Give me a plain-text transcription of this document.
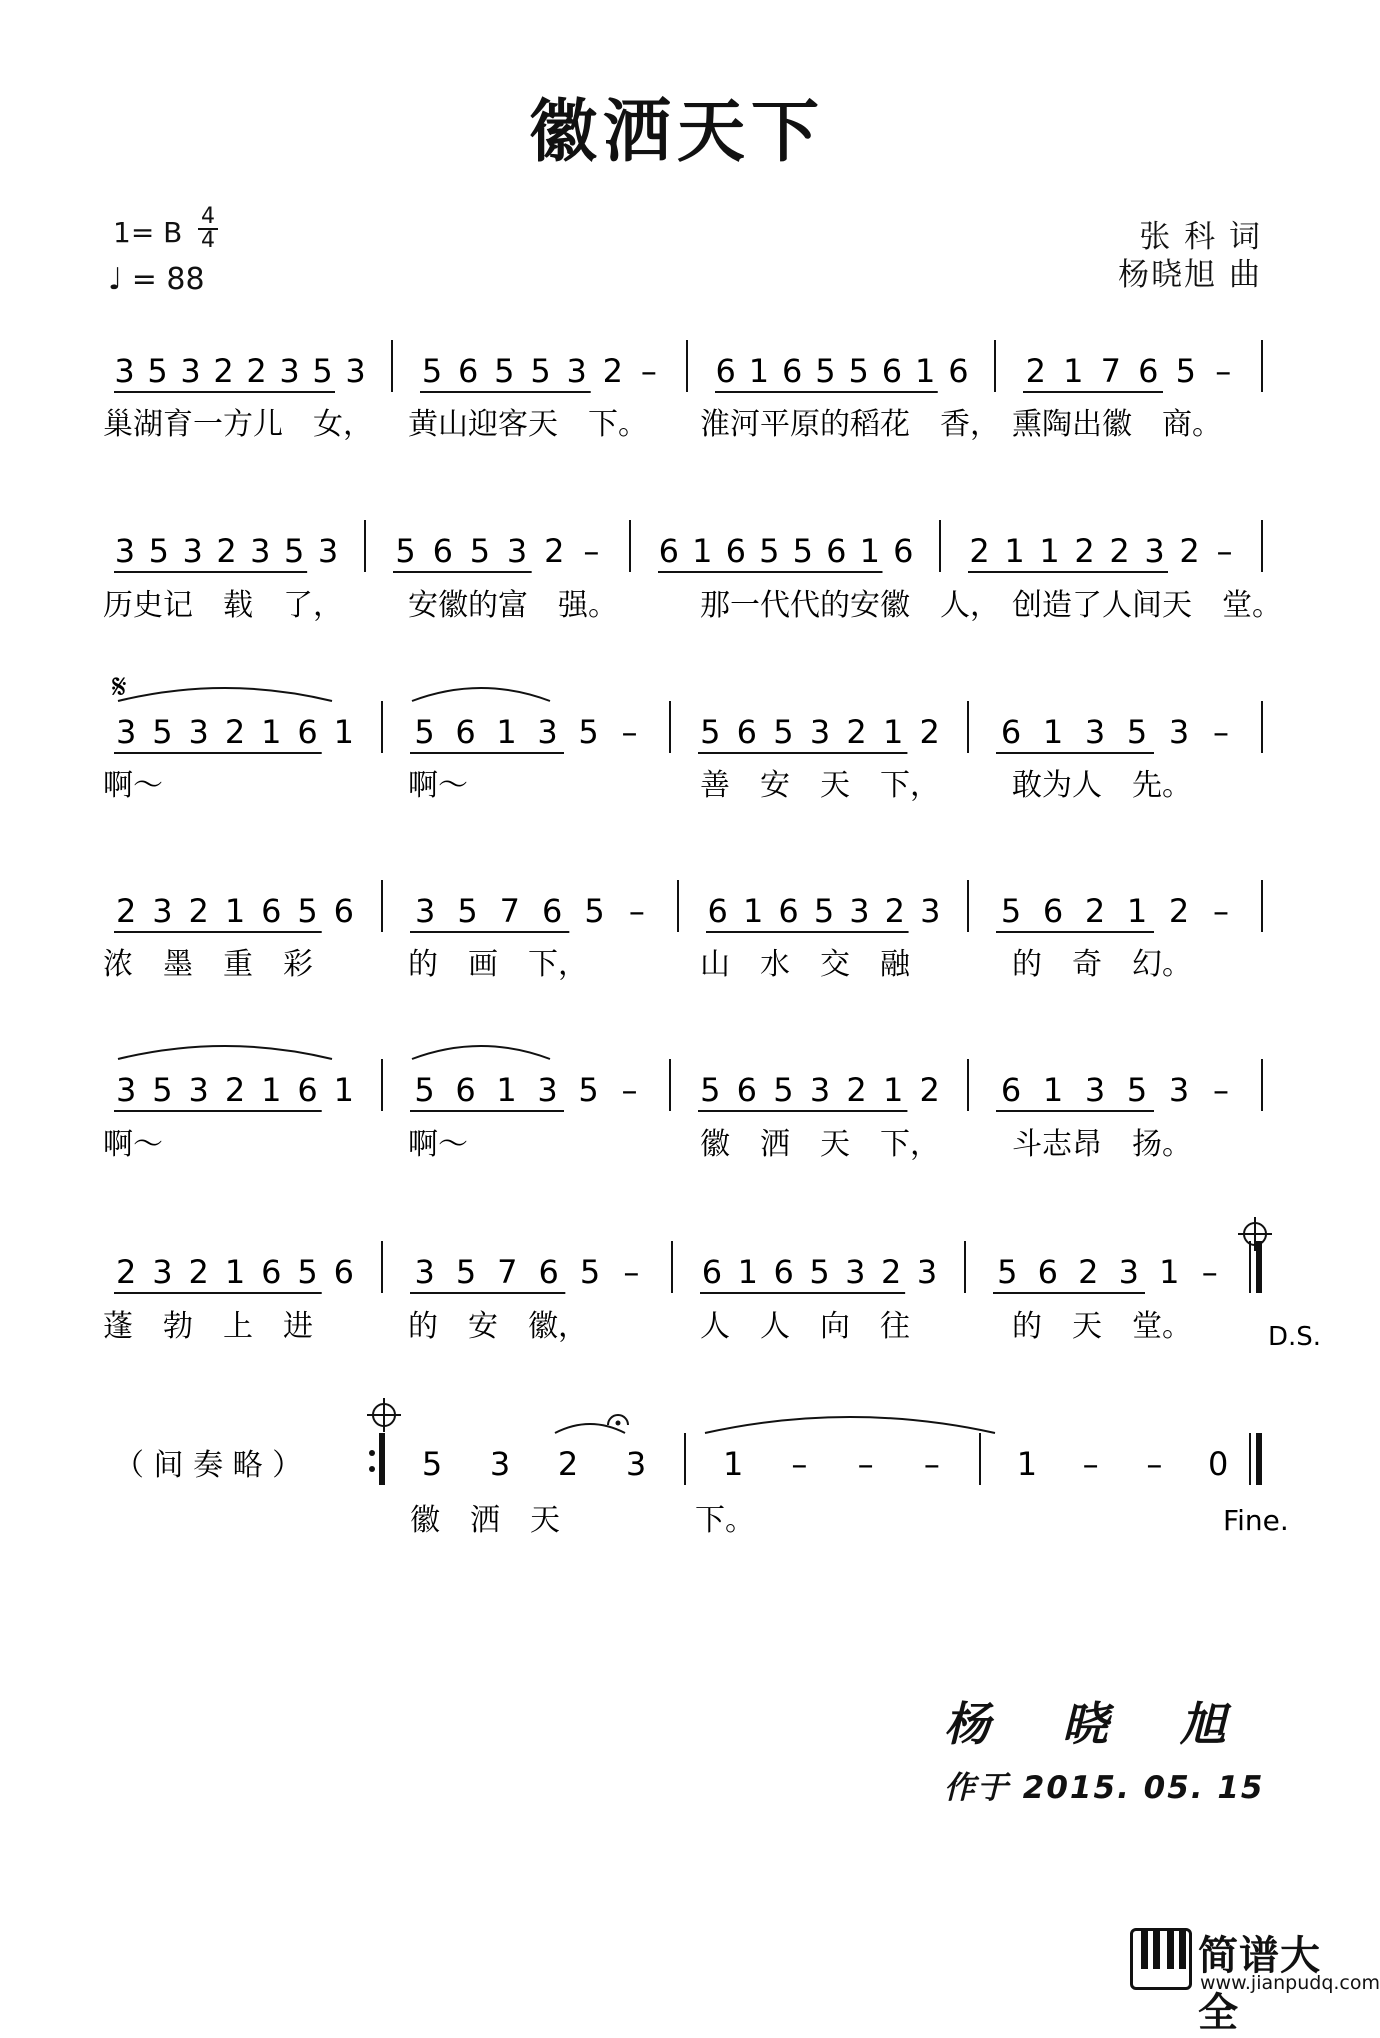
徽洒天下
1= B 4
4
♩ = 88
张 科 词
杨晓旭 曲
3 5 3 2 2 3 5 3 5 6 5 5 3 2 – 6 1 6 5 5 6 1 6 2 1 7 6 5 –
巢湖育一方儿　女， 黄山迎客天　下。 淮河平原的稻花　香， 熏陶出徽　商。
3 5 3 2 3 5 3 5 6 5 3 2 – 6 1 6 5 5 6 1 6 2 1 1 2 2 3 2 –
历史记　载　了， 安徽的富　强。	那一代代的安徽　人， 创造了人间天　堂。
3 5 3 2 1 6 1 5 6 1 3 5 – 5 6 5 3 2 1 2 6 1 3 5 3 –
啊～	啊～	善　安　天　下， 敢为人　先。
2 3 2 1 6 5 6 3 5 7 6 5 – 6 1 6 5 3 2 3 5 6 2 1 2 –
浓　墨　重　彩	的　画　下，	山　水　交　融	的　奇　幻。
3 5 3 2 1 6 1 5 6 1 3 5 – 5 6 5 3 2 1 2 6 1 3 5 3 –
啊～	啊～	徽　洒　天　下， 斗志昂　扬。
2 3 2 1 6 5 6 3 5 7 6 5 – 6 1 6 5 3 2 3 5 6 2 3 1 –
蓬　勃　上　进	的　安　徽，	人　人　向　往	的　天　堂。
𝄋
D.S.
（ 间 奏 略 ）	5 3 2 3 1 – – – 1 – – 0
徽　洒　天	下。	Fine.
杨 晓 旭
作于 2015. 05. 15
简谱大全
www.jianpudq.com
